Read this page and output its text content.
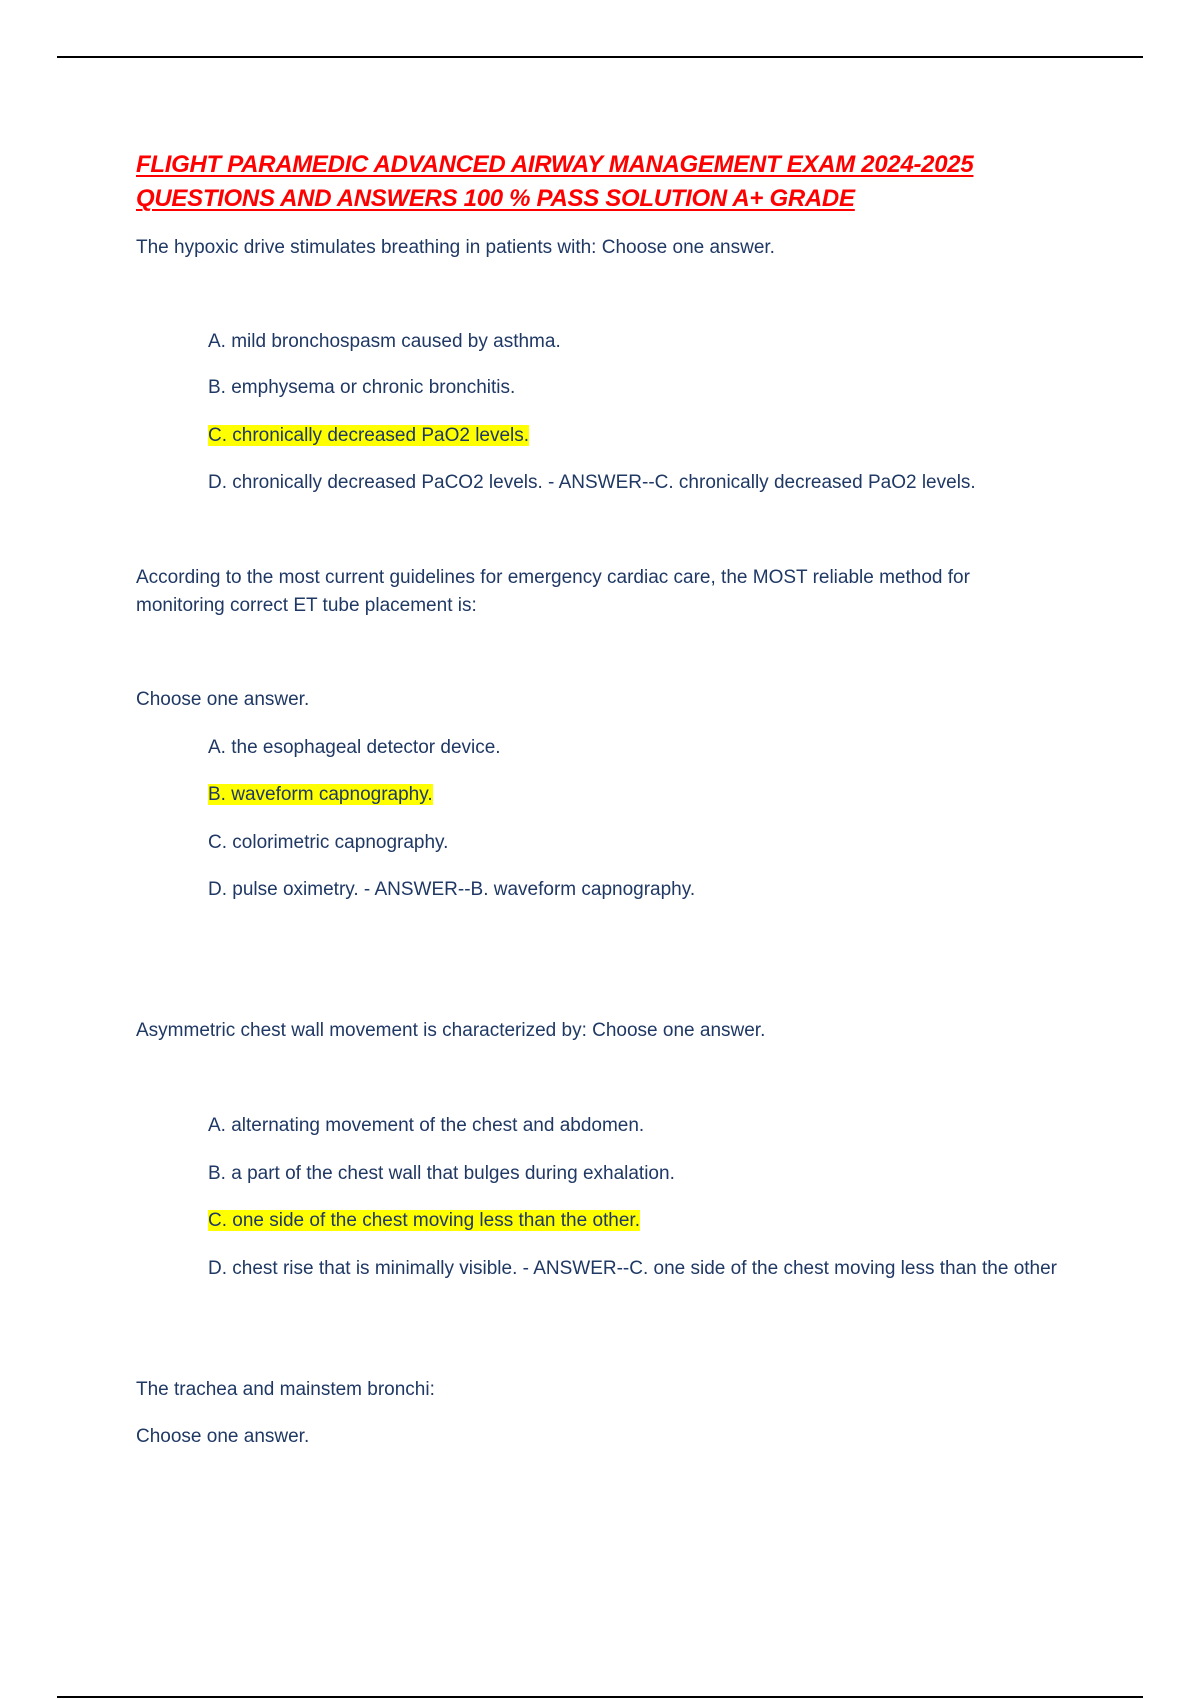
FLIGHT PARAMEDIC ADVANCED AIRWAY MANAGEMENT EXAM 2024-2025
QUESTIONS AND ANSWERS 100 % PASS SOLUTION A+ GRADE
The hypoxic drive stimulates breathing in patients with: Choose one answer.
A. mild bronchospasm caused by asthma.
B. emphysema or chronic bronchitis.
C. chronically decreased PaO2 levels.
D. chronically decreased PaCO2 levels. - ANSWER--C. chronically decreased PaO2 levels.
According to the most current guidelines for emergency cardiac care, the MOST reliable method for monitoring correct ET tube placement is:
Choose one answer.
A. the esophageal detector device.
B. waveform capnography.
C. colorimetric capnography.
D. pulse oximetry. - ANSWER--B. waveform capnography.
Asymmetric chest wall movement is characterized by: Choose one answer.
A. alternating movement of the chest and abdomen.
B. a part of the chest wall that bulges during exhalation.
C. one side of the chest moving less than the other.
D. chest rise that is minimally visible. - ANSWER--C. one side of the chest moving less than the other
The trachea and mainstem bronchi:
Choose one answer.
